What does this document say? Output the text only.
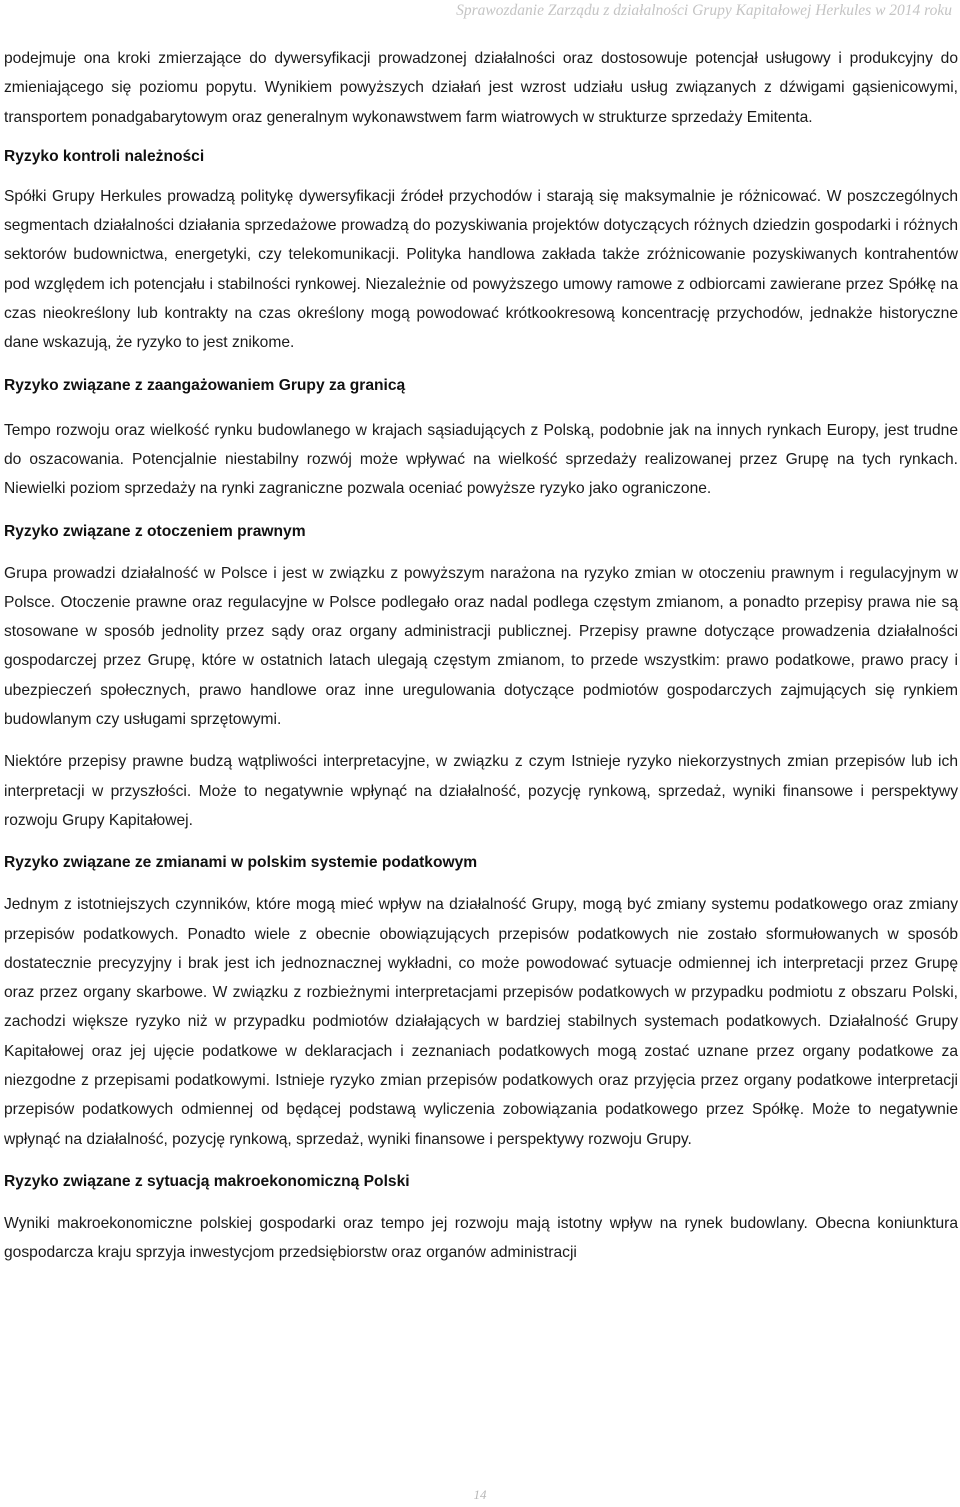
Sprawozdanie Zarządu z działalności Grupy Kapitałowej Herkules w 2014 roku

podejmuje ona kroki zmierzające do dywersyfikacji prowadzonej działalności oraz dostosowuje potencjał usługowy i produkcyjny do zmieniającego się poziomu popytu. Wynikiem powyższych działań jest wzrost udziału usług związanych z dźwigami gąsienicowymi, transportem ponadgabarytowym oraz generalnym wykonawstwem farm wiatrowych w strukturze sprzedaży Emitenta.

Ryzyko kontroli należności

Spółki Grupy Herkules prowadzą politykę dywersyfikacji źródeł przychodów i starają się maksymalnie je różnicować. W poszczególnych segmentach działalności działania sprzedażowe prowadzą do pozyskiwania projektów dotyczących różnych dziedzin gospodarki i różnych sektorów budownictwa, energetyki, czy telekomunikacji. Polityka handlowa zakłada także zróżnicowanie pozyskiwanych kontrahentów pod względem ich potencjału i stabilności rynkowej. Niezależnie od powyższego umowy ramowe z odbiorcami zawierane przez Spółkę na czas nieokreślony lub kontrakty na czas określony mogą powodować krótkookresową koncentrację przychodów, jednakże historyczne dane wskazują, że ryzyko to jest znikome.

Ryzyko związane z zaangażowaniem Grupy za granicą

Tempo rozwoju oraz wielkość rynku budowlanego w krajach sąsiadujących z Polską, podobnie jak na innych rynkach Europy, jest trudne do oszacowania. Potencjalnie niestabilny rozwój może wpływać na wielkość sprzedaży realizowanej przez Grupę na tych rynkach. Niewielki poziom sprzedaży na rynki zagraniczne pozwala oceniać powyższe ryzyko jako ograniczone.

Ryzyko związane z otoczeniem prawnym

Grupa prowadzi działalność w Polsce i jest w związku z powyższym narażona na ryzyko zmian w otoczeniu prawnym i regulacyjnym w Polsce. Otoczenie prawne oraz regulacyjne w Polsce podlegało oraz nadal podlega częstym zmianom, a ponadto przepisy prawa nie są stosowane w sposób jednolity przez sądy oraz organy administracji publicznej. Przepisy prawne dotyczące prowadzenia działalności gospodarczej przez Grupę, które w ostatnich latach ulegają częstym zmianom, to przede wszystkim: prawo podatkowe, prawo pracy i ubezpieczeń społecznych, prawo handlowe oraz inne uregulowania dotyczące podmiotów gospodarczych zajmujących się rynkiem budowlanym czy usługami sprzętowymi.

Niektóre przepisy prawne budzą wątpliwości interpretacyjne, w związku z czym Istnieje ryzyko niekorzystnych zmian przepisów lub ich interpretacji w przyszłości. Może to negatywnie wpłynąć na działalność, pozycję rynkową, sprzedaż, wyniki finansowe i perspektywy rozwoju Grupy Kapitałowej.

Ryzyko związane ze zmianami w polskim systemie podatkowym

Jednym z istotniejszych czynników, które mogą mieć wpływ na działalność Grupy, mogą być zmiany systemu podatkowego oraz zmiany przepisów podatkowych. Ponadto wiele z obecnie obowiązujących przepisów podatkowych nie zostało sformułowanych w sposób dostatecznie precyzyjny i brak jest ich jednoznacznej wykładni, co może powodować sytuacje odmiennej ich interpretacji przez Grupę oraz przez organy skarbowe. W związku z rozbieżnymi interpretacjami przepisów podatkowych w przypadku podmiotu z obszaru Polski, zachodzi większe ryzyko niż w przypadku podmiotów działających w bardziej stabilnych systemach podatkowych. Działalność Grupy Kapitałowej oraz jej ujęcie podatkowe w deklaracjach i zeznaniach podatkowych mogą zostać uznane przez organy podatkowe za niezgodne z przepisami podatkowymi. Istnieje ryzyko zmian przepisów podatkowych oraz przyjęcia przez organy podatkowe interpretacji przepisów podatkowych odmiennej od będącej podstawą wyliczenia zobowiązania podatkowego przez Spółkę. Może to negatywnie wpłynąć na działalność, pozycję rynkową, sprzedaż, wyniki finansowe i perspektywy rozwoju Grupy.

Ryzyko związane z sytuacją makroekonomiczną Polski

Wyniki makroekonomiczne polskiej gospodarki oraz tempo jej rozwoju mają istotny wpływ na rynek budowlany. Obecna koniunktura gospodarcza kraju sprzyja inwestycjom przedsiębiorstw oraz organów administracji

14
